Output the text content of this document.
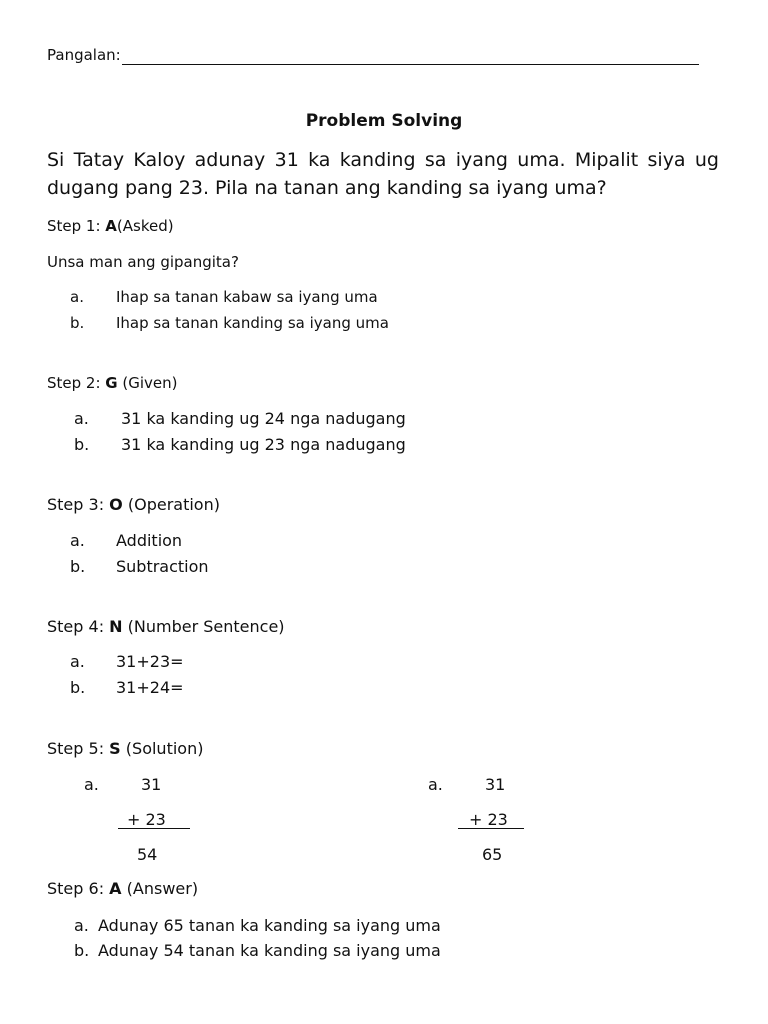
Pangalan:
Problem Solving
Si Tatay Kaloy adunay 31 ka kanding sa iyang uma. Mipalit siya ug dugang pang 23. Pila na tanan ang kanding sa iyang uma?
Step 1: A(Asked)
Unsa man ang gipangita?
a. Ihap sa tanan kabaw sa iyang uma
b. Ihap sa tanan kanding sa iyang uma
Step 2: G (Given)
a. 31 ka kanding ug 24 nga nadugang
b. 31 ka kanding ug 23 nga nadugang
Step 3: O (Operation)
a. Addition
b. Subtraction
Step 4: N (Number Sentence)
a. 31+23=
b. 31+24=
Step 5: S (Solution)
a.	31
+ 23
54
a.	31
+ 23
65
Step 6: A (Answer)
a. Adunay 65 tanan ka kanding sa iyang uma
b. Adunay 54 tanan ka kanding sa iyang uma
